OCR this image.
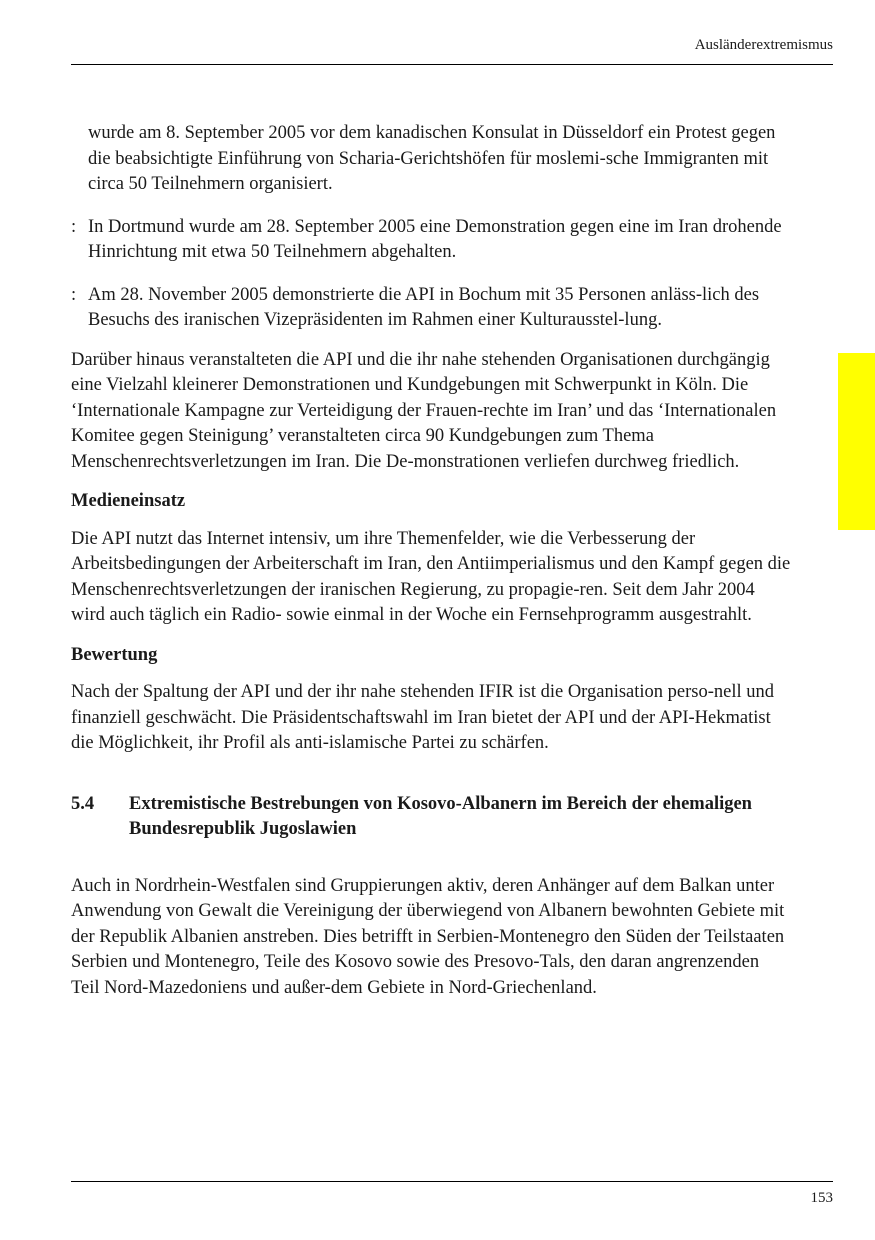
Ausländerextremismus

wurde am 8. September 2005 vor dem kanadischen Konsulat in Düsseldorf ein Protest gegen die beabsichtigte Einführung von Scharia-Gerichtshöfen für moslemi-sche Immigranten mit circa 50 Teilnehmern organisiert.

: In Dortmund wurde am 28. September 2005 eine Demonstration gegen eine im Iran drohende Hinrichtung mit etwa 50 Teilnehmern abgehalten.
: Am 28. November 2005 demonstrierte die API in Bochum mit 35 Personen anläss-lich des Besuchs des iranischen Vizepräsidenten im Rahmen einer Kulturausstel-lung.

Darüber hinaus veranstalteten die API und die ihr nahe stehenden Organisationen durchgängig eine Vielzahl kleinerer Demonstrationen und Kundgebungen mit Schwerpunkt in Köln. Die ‘Internationale Kampagne zur Verteidigung der Frauen-rechte im Iran’ und das ‘Internationalen Komitee gegen Steinigung’ veranstalteten circa 90 Kundgebungen zum Thema Menschenrechtsverletzungen im Iran. Die De-monstrationen verliefen durchweg friedlich.

Medieneinsatz

Die API nutzt das Internet intensiv, um ihre Themenfelder, wie die Verbesserung der Arbeitsbedingungen der Arbeiterschaft im Iran, den Antiimperialismus und den Kampf gegen die Menschenrechtsverletzungen der iranischen Regierung, zu propagie-ren. Seit dem Jahr 2004 wird auch täglich ein Radio- sowie einmal in der Woche ein Fernsehprogramm ausgestrahlt.

Bewertung

Nach der Spaltung der API und der ihr nahe stehenden IFIR ist die Organisation perso-nell und finanziell geschwächt. Die Präsidentschaftswahl im Iran bietet der API und der API-Hekmatist die Möglichkeit, ihr Profil als anti-islamische Partei zu schärfen.

5.4	Extremistische Bestrebungen von Kosovo-Albanern im Bereich der ehemaligen Bundesrepublik Jugoslawien

Auch in Nordrhein-Westfalen sind Gruppierungen aktiv, deren Anhänger auf dem Balkan unter Anwendung von Gewalt die Vereinigung der überwiegend von Albanern bewohnten Gebiete mit der Republik Albanien anstreben. Dies betrifft in Serbien-Montenegro den Süden der Teilstaaten Serbien und Montenegro, Teile des Kosovo sowie des Presovo-Tals, den daran angrenzenden Teil Nord-Mazedoniens und außer-dem Gebiete in Nord-Griechenland.

153
